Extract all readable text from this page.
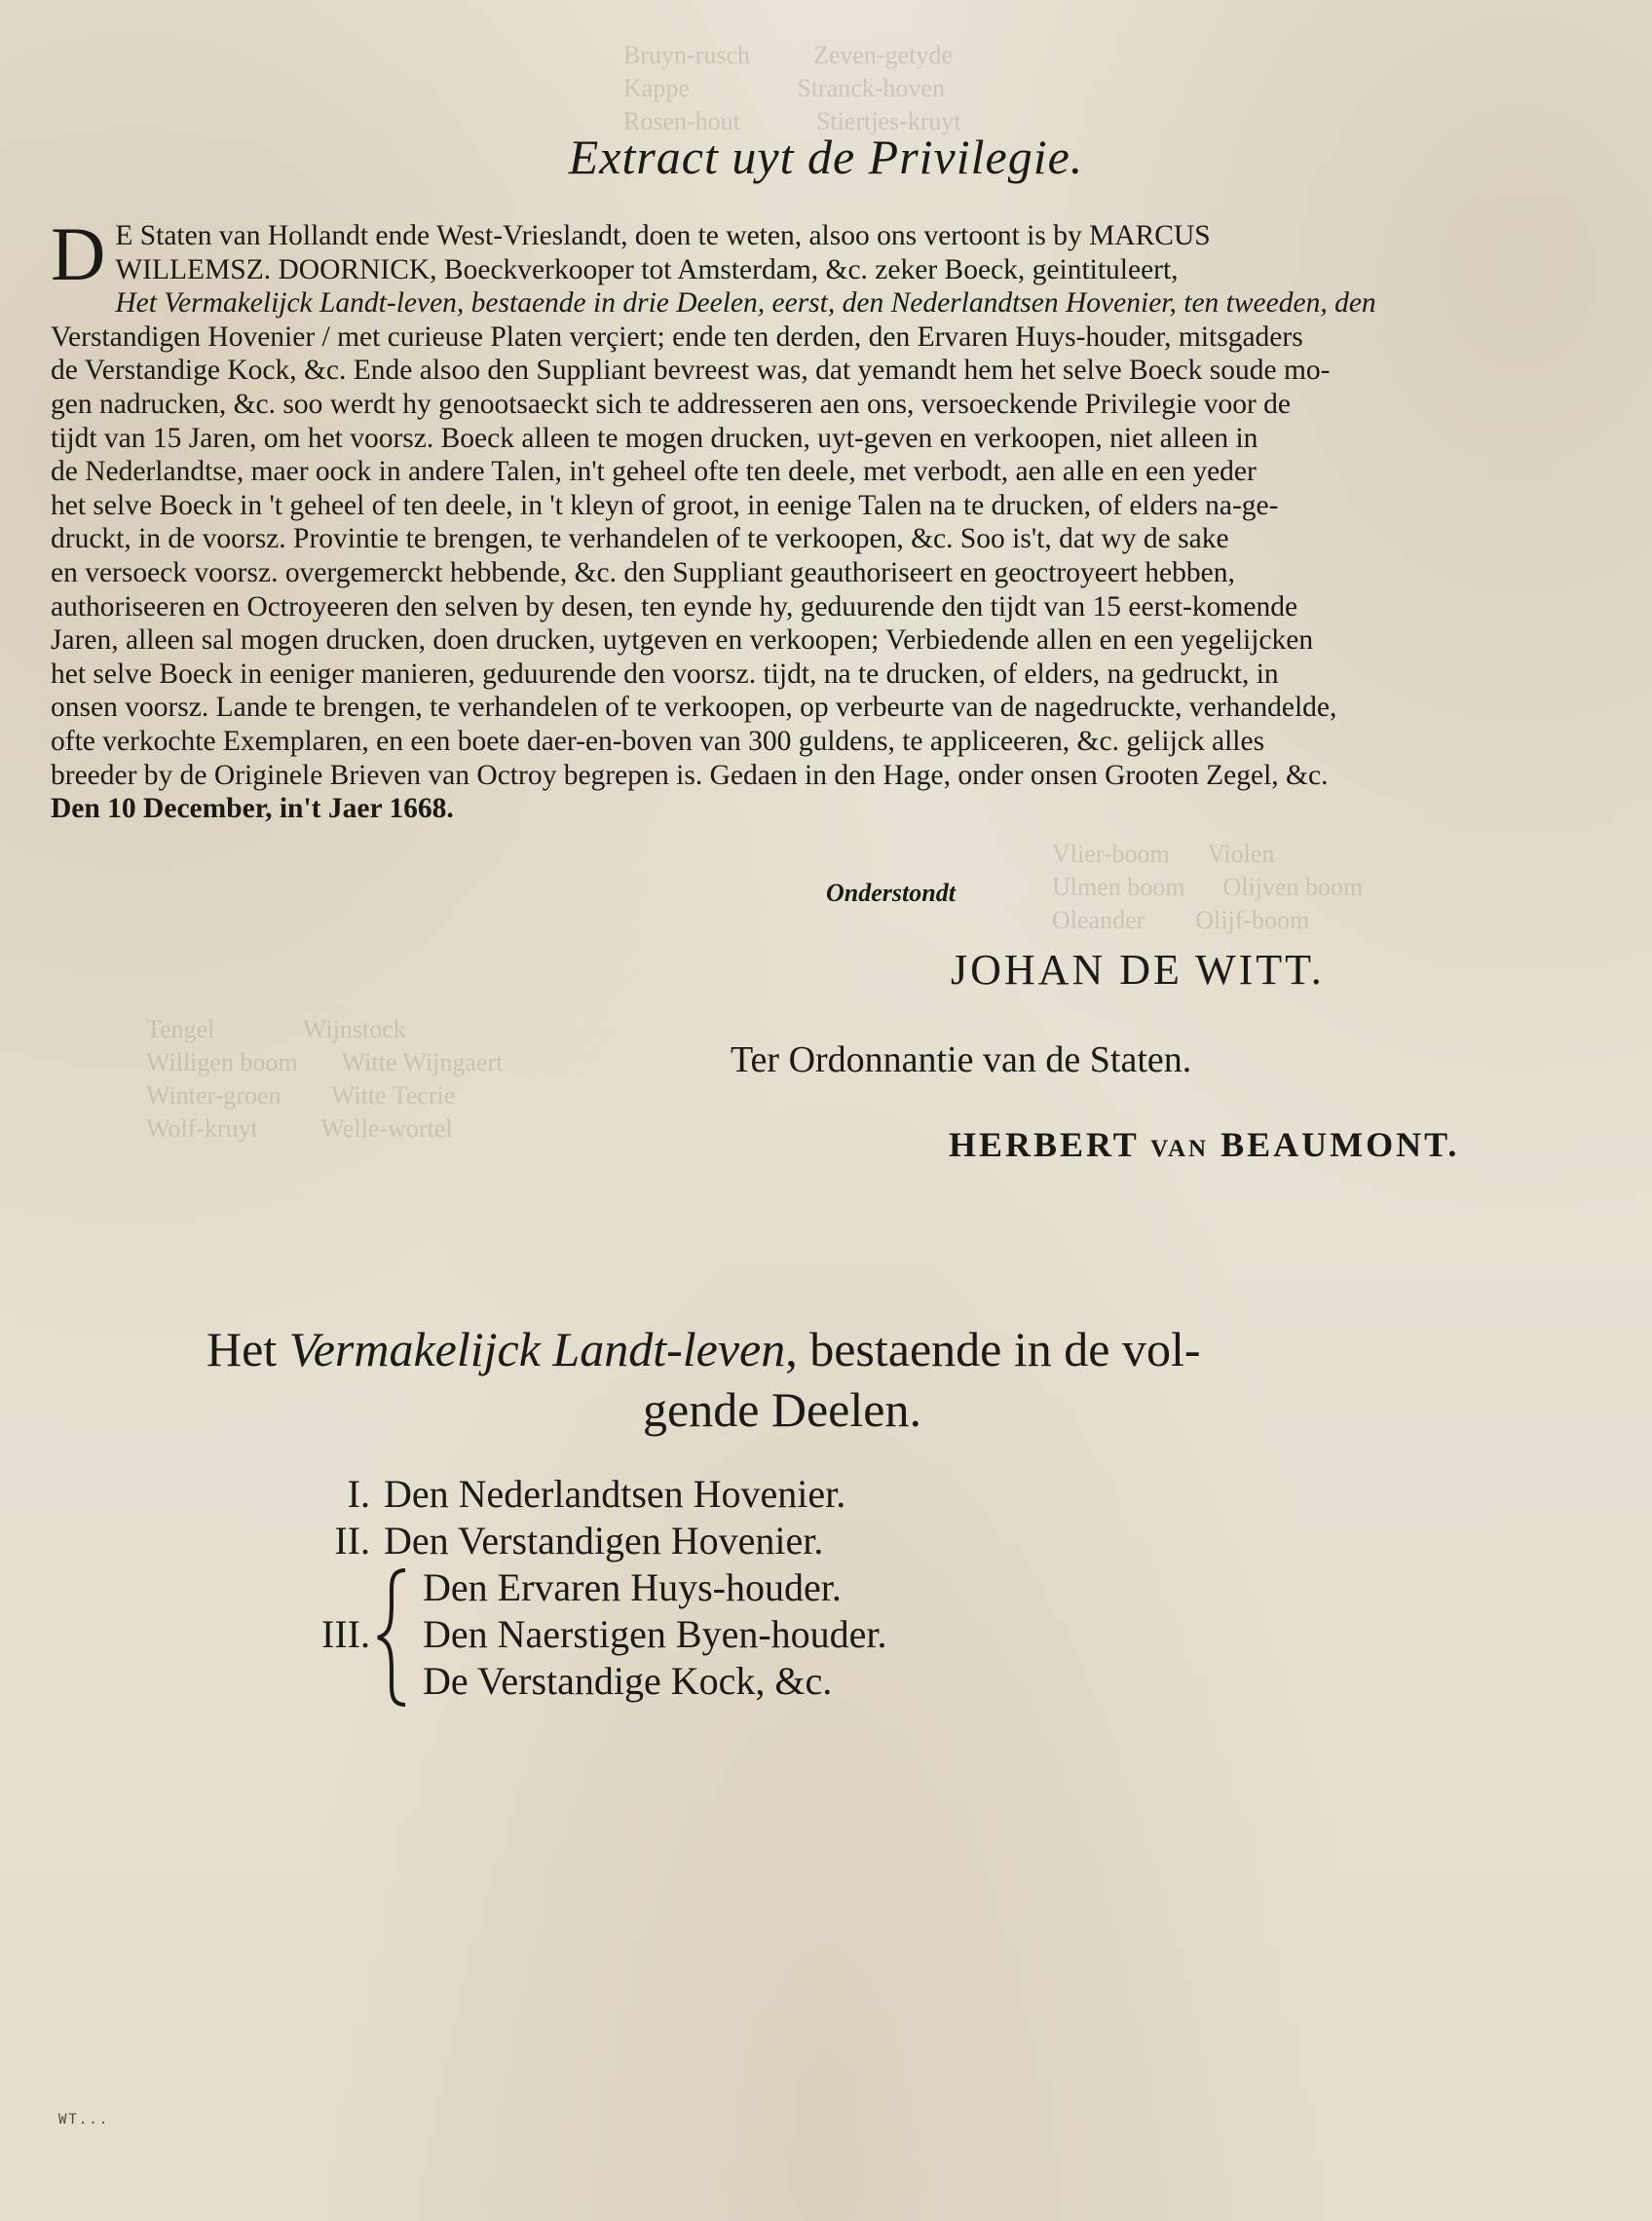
Bruyn-rusch          Zeven-getyde
Kappe                 Stranck-hoven
Rosen-hout            Stiertjes-kruyt
Tengel              Wijnstock
Willigen boom       Witte Wijngaert
Winter-groen        Witte Tecrie
Wolf-kruyt          Welle-wortel
Vlier-boom      Violen
Ulmen boom      Olijven boom
Oleander        Olijf-boom
Extract uyt de Privilegie.
D E Staten van Hollandt ende West-Vrieslandt, doen te weten, alsoo ons vertoont is by MARCUS
WILLEMSZ. DOORNICK, Boeckverkooper tot Amsterdam, &c. zeker Boeck, geintituleert,
Het Vermakelijck Landt-leven, bestaende in drie Deelen, eerst, den Nederlandtsen Hovenier, ten tweeden, den
Verstandigen Hovenier / met curieuse Platen verçiert; ende ten derden, den Ervaren Huys-houder, mitsgaders
de Verstandige Kock, &c. Ende alsoo den Suppliant bevreest was, dat yemandt hem het selve Boeck soude mo-
gen nadrucken, &c. soo werdt hy genootsaeckt sich te addresseren aen ons, versoeckende Privilegie voor de
tijdt van 15 Jaren, om het voorsz. Boeck alleen te mogen drucken, uyt-geven en verkoopen, niet alleen in
de Nederlandtse, maer oock in andere Talen, in't geheel ofte ten deele, met verbodt, aen alle en een yeder
het selve Boeck in 't geheel of ten deele, in 't kleyn of groot, in eenige Talen na te drucken, of elders na-ge-
druckt, in de voorsz. Provintie te brengen, te verhandelen of te verkoopen, &c. Soo is't, dat wy de sake
en versoeck voorsz. overgemerckt hebbende, &c. den Suppliant geauthoriseert en geoctroyeert hebben,
authoriseeren en Octroyeeren den selven by desen, ten eynde hy, geduurende den tijdt van 15 eerst-komende
Jaren, alleen sal mogen drucken, doen drucken, uytgeven en verkoopen; Verbiedende allen en een yegelijcken
het selve Boeck in eeniger manieren, geduurende den voorsz. tijdt, na te drucken, of elders, na gedruckt, in
onsen voorsz. Lande te brengen, te verhandelen of te verkoopen, op verbeurte van de nagedruckte, verhandelde,
ofte verkochte Exemplaren, en een boete daer-en-boven van 300 guldens, te appliceeren, &c. gelijck alles
breeder by de Originele Brieven van Octroy begrepen is. Gedaen in den Hage, onder onsen Grooten Zegel, &c.
Den 10 December, in't Jaer 1668.
Onderstondt
JOHAN DE WITT.
Ter Ordonnantie van de Staten.
HERBERT van BEAUMONT.
Het Vermakelijck Landt-leven, bestaende in de vol-
gende Deelen.
I. Den Nederlandtsen Hovenier.
II. Den Verstandigen Hovenier.
III.
Den Ervaren Huys-houder.
Den Naerstigen Byen-houder.
De Verstandige Kock, &c.
WT...
